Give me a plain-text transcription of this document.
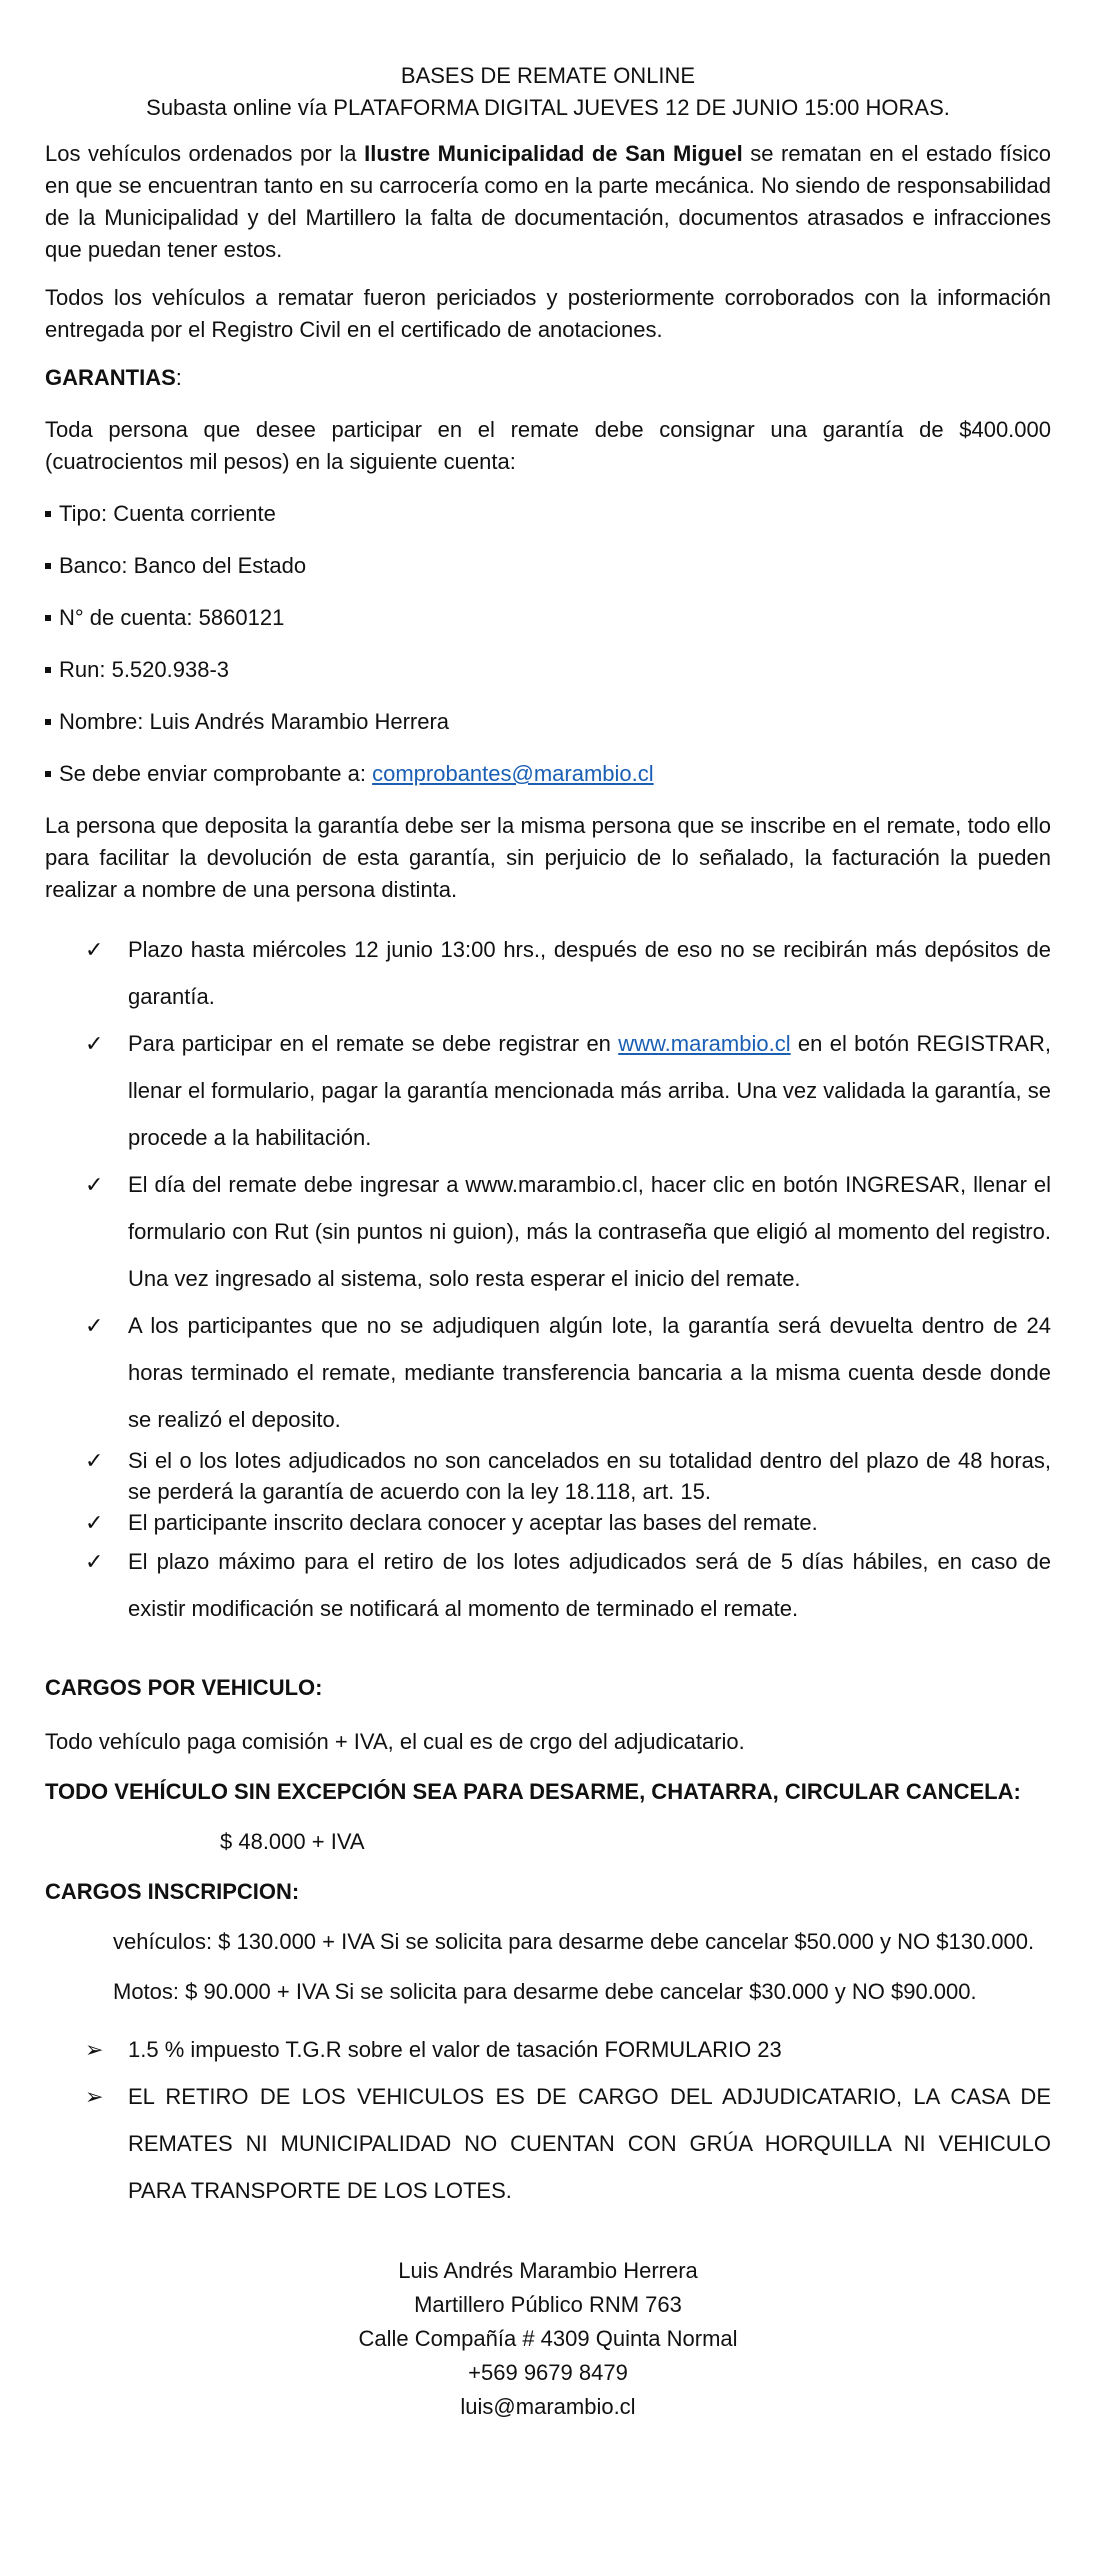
BASES DE REMATE ONLINE
Subasta online vía PLATAFORMA DIGITAL JUEVES 12 DE JUNIO 15:00 HORAS.

Los vehículos ordenados por la Ilustre Municipalidad de San Miguel se rematan en el estado físico en que se encuentran tanto en su carrocería como en la parte mecánica. No siendo de responsabilidad de la Municipalidad y del Martillero la falta de documentación, documentos atrasados e infracciones que puedan tener estos.

Todos los vehículos a rematar fueron periciados y posteriormente corroborados con la información entregada por el Registro Civil en el certificado de anotaciones.

GARANTIAS:

Toda persona que desee participar en el remate debe consignar una garantía de $400.000 (cuatrocientos mil pesos) en la siguiente cuenta:

Tipo: Cuenta corriente
Banco: Banco del Estado
N° de cuenta: 5860121
Run: 5.520.938-3
Nombre: Luis Andrés Marambio Herrera
Se debe enviar comprobante a: comprobantes@marambio.cl

La persona que deposita la garantía debe ser la misma persona que se inscribe en el remate, todo ello para facilitar la devolución de esta garantía, sin perjuicio de lo señalado, la facturación la pueden realizar a nombre de una persona distinta.

✓ Plazo hasta miércoles 12 junio 13:00 hrs., después de eso no se recibirán más depósitos de garantía.
✓ Para participar en el remate se debe registrar en www.marambio.cl en el botón REGISTRAR, llenar el formulario, pagar la garantía mencionada más arriba. Una vez validada la garantía, se procede a la habilitación.
✓ El día del remate debe ingresar a www.marambio.cl, hacer clic en botón INGRESAR, llenar el formulario con Rut (sin puntos ni guion), más la contraseña que eligió al momento del registro. Una vez ingresado al sistema, solo resta esperar el inicio del remate.
✓ A los participantes que no se adjudiquen algún lote, la garantía será devuelta dentro de 24 horas terminado el remate, mediante transferencia bancaria a la misma cuenta desde donde se realizó el deposito.
✓ Si el o los lotes adjudicados no son cancelados en su totalidad dentro del plazo de 48 horas, se perderá la garantía de acuerdo con la ley 18.118, art. 15.
✓ El participante inscrito declara conocer y aceptar las bases del remate.
✓ El plazo máximo para el retiro de los lotes adjudicados será de 5 días hábiles, en caso de existir modificación se notificará al momento de terminado el remate.
CARGOS POR VEHICULO:

Todo vehículo paga comisión + IVA, el cual es de crgo del adjudicatario.

TODO VEHÍCULO SIN EXCEPCIÓN SEA PARA DESARME, CHATARRA, CIRCULAR CANCELA:

$ 48.000 + IVA

CARGOS INSCRIPCION:

vehículos: $ 130.000 + IVA Si se solicita para desarme debe cancelar $50.000 y NO $130.000.
Motos: $ 90.000 + IVA Si se solicita para desarme debe cancelar $30.000 y NO $90.000.
➢ 1.5 % impuesto T.G.R sobre el valor de tasación FORMULARIO 23
➢ EL RETIRO DE LOS VEHICULOS ES DE CARGO DEL ADJUDICATARIO, LA CASA DE REMATES NI MUNICIPALIDAD NO CUENTAN CON GRÚA HORQUILLA NI VEHICULO PARA TRANSPORTE DE LOS LOTES.
Luis Andrés Marambio Herrera
Martillero Público RNM 763
Calle Compañía # 4309 Quinta Normal
+569 9679 8479
luis@marambio.cl
